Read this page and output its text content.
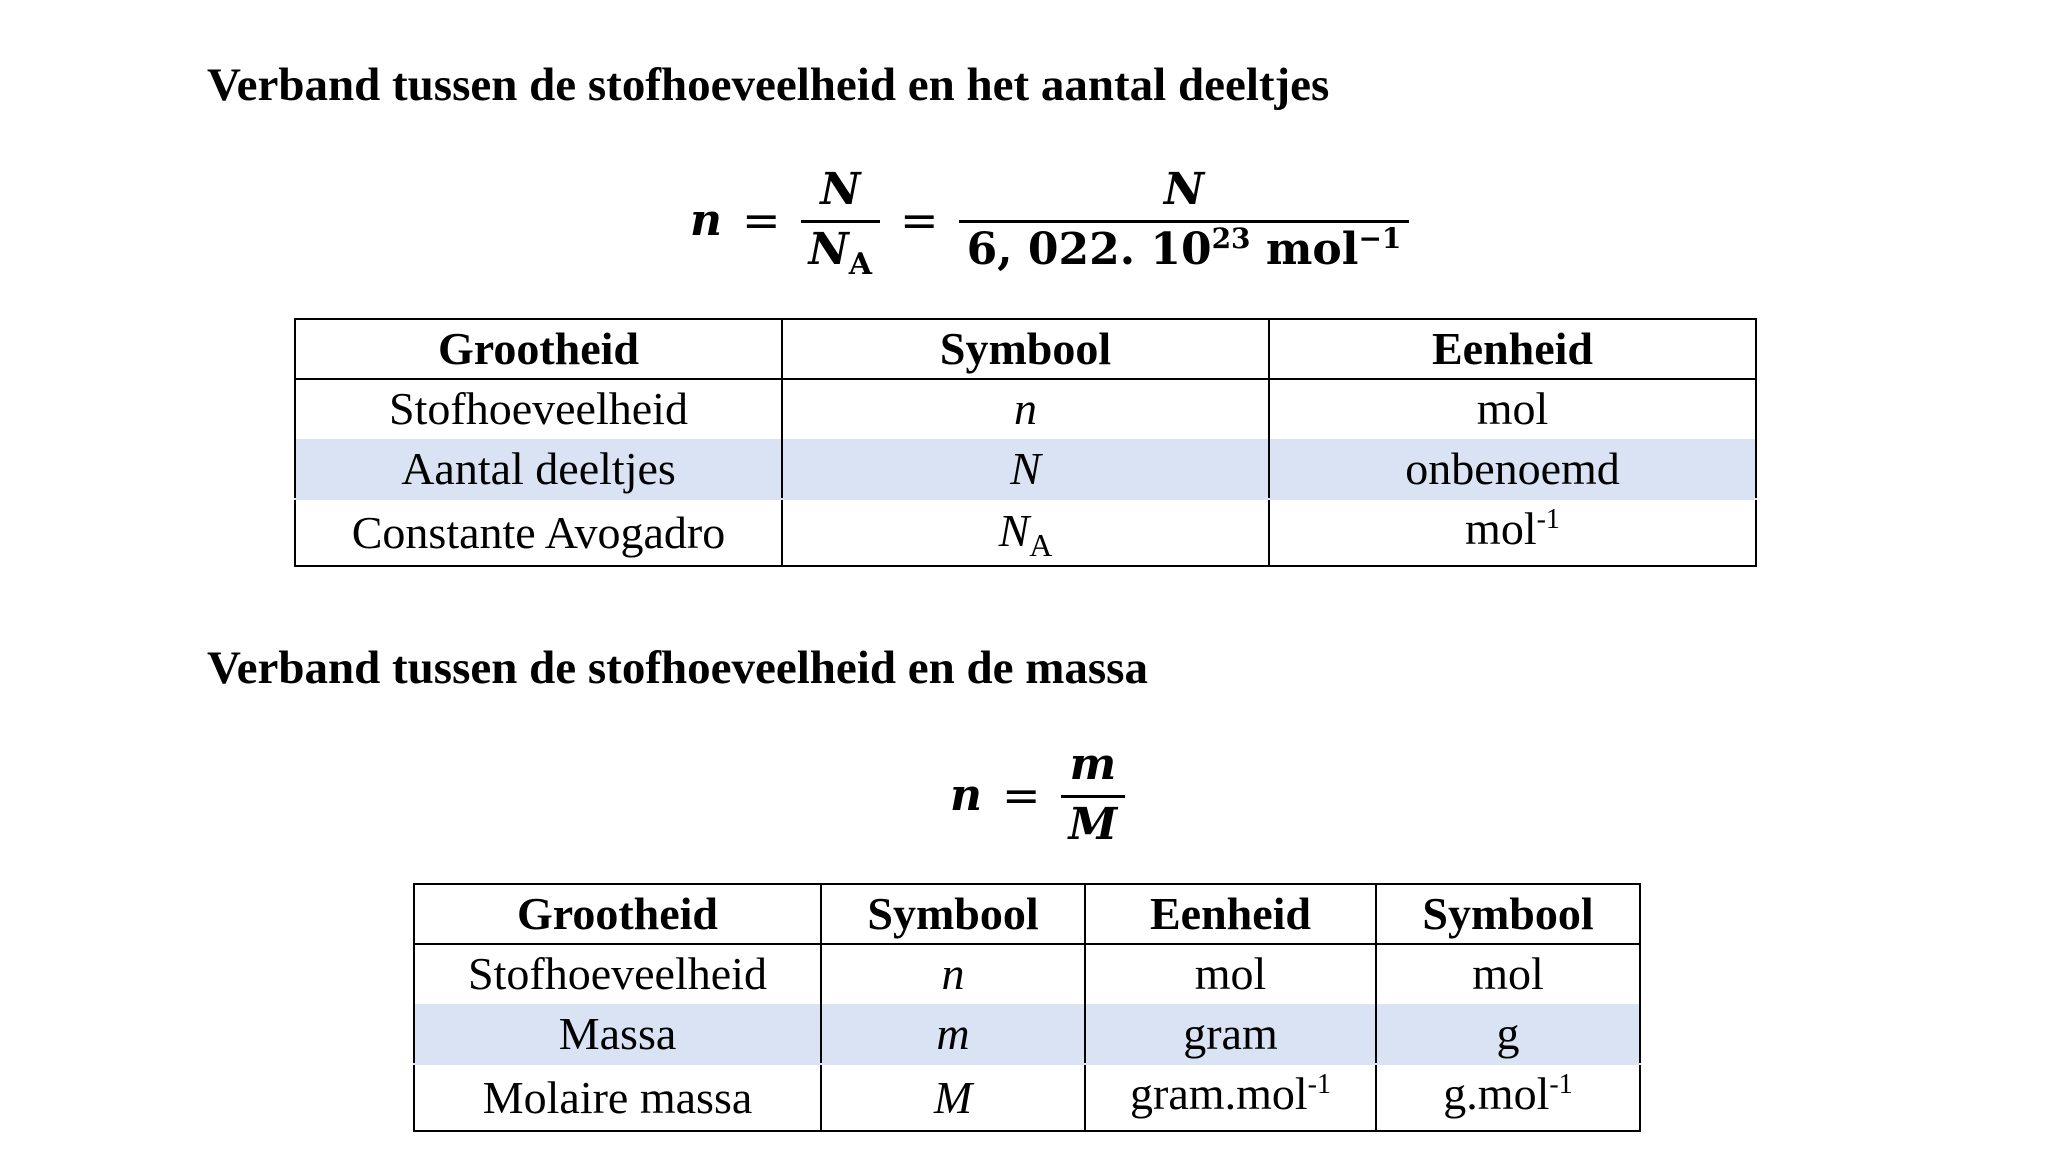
Verband tussen de stofhoeveelheid en het aantal deeltjes
$n = \frac{N}{N_A} = \frac{N}{6, 022. 10^{23} mol^{-1}}$
Grootheid	Symbool	Eenheid
Stofhoeveelheid	n	mol
Aantal deeltjes	N	onbenoemd
Constante Avogadro	$N_A$	mol$^{-1}$
Verband tussen de stofhoeveelheid en de massa
$n = \frac{m}{M}$
Grootheid	Symbool	Eenheid	Symbool
Stofhoeveelheid	n	mol	mol
Massa	m	gram	g
Molaire massa	M	gram.mol$^{-1}$	g.mol$^{-1}$
